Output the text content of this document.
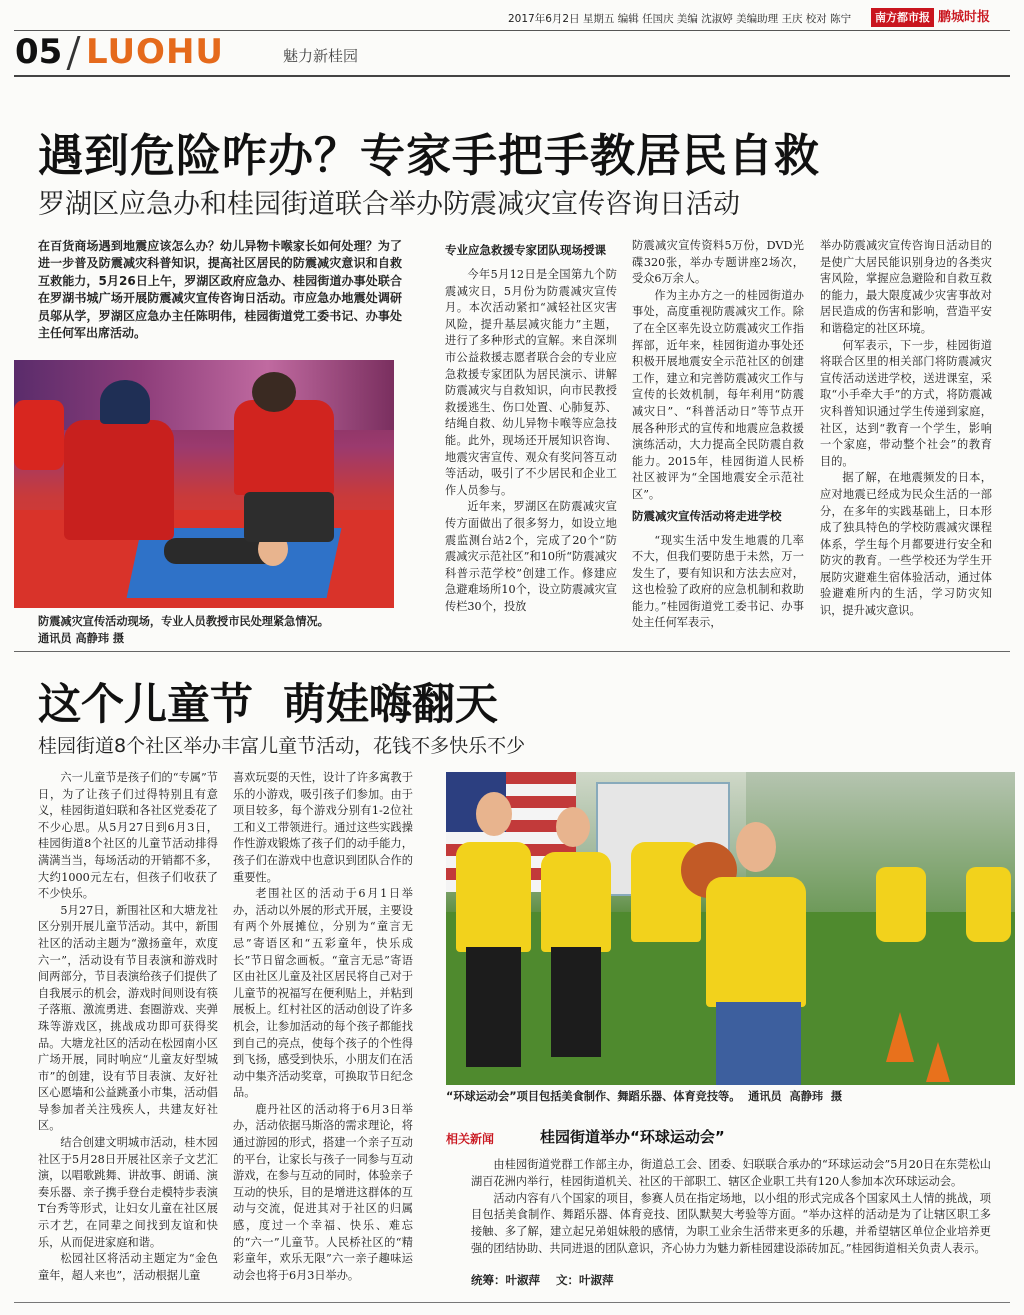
2017年6月2日 星期五 编辑 任国庆 美编 沈淑婷 美编助理 王庆 校对 陈宁	南方都市报 鹏城时报
05 LUOHU	魅力新桂园
遇到危险咋办？专家手把手教居民自救
罗湖区应急办和桂园街道联合举办防震减灾宣传咨询日活动
在百货商场遇到地震应该怎么办？幼儿异物卡喉家长如何处理？为了进一步普及防震减灾科普知识，提高社区居民的防震减灾意识和自救互救能力，5月26日上午，罗湖区政府应急办、桂园街道办事处联合在罗湖书城广场开展防震减灾宣传咨询日活动。市应急办地震处调研员邬从学，罗湖区应急办主任陈明伟，桂园街道党工委书记、办事处主任何军出席活动。
防震减灾宣传活动现场，专业人员教授市民处理紧急情况。
通讯员 高静玮 摄
专业应急救援专家团队现场授课

今年5月12日是全国第九个防震减灾日，5月份为防震减灾宣传月。本次活动紧扣“减轻社区灾害风险，提升基层减灾能力”主题，进行了多种形式的宣解。来自深圳市公益救援志愿者联合会的专业应急救援专家团队为居民演示、讲解防震减灾与自救知识，向市民教授救援逃生、伤口处置、心肺复苏、结绳自救、幼儿异物卡喉等应急技能。此外，现场还开展知识咨询、地震灾害宣传、观众有奖问答互动等活动，吸引了不少居民和企业工作人员参与。

近年来，罗湖区在防震减灾宣传方面做出了很多努力，如设立地震监测台站2个，完成了20个“防震减灾示范社区”和10所“防震减灾科普示范学校”创建工作。修建应急避难场所10个，设立防震减灾宣传栏30个，投放

防震减灾宣传资料5万份，DVD光碟320张，举办专题讲座2场次，受众6万余人。

作为主办方之一的桂园街道办事处，高度重视防震减灾工作。除了在全区率先设立防震减灾工作指挥部，近年来，桂园街道办事处还积极开展地震安全示范社区的创建工作，建立和完善防震减灾工作与宣传的长效机制，每年利用“防震减灾日”、“科普活动日”等节点开展各种形式的宣传和地震应急救援演练活动，大力提高全民防震自救能力。2015年，桂园街道人民桥社区被评为“全国地震安全示范社区”。

防震减灾宣传活动将走进学校

“现实生活中发生地震的几率不大，但我们要防患于未然，万一发生了，要有知识和方法去应对，这也检验了政府的应急机制和救助能力。”桂园街道党工委书记、办事处主任何军表示，

举办防震减灾宣传咨询日活动目的是使广大居民能识别身边的各类灾害风险，掌握应急避险和自救互救的能力，最大限度减少灾害事故对居民造成的伤害和影响，营造平安和谐稳定的社区环境。

何军表示，下一步，桂园街道将联合区里的相关部门将防震减灾宣传活动送进学校，送进课室，采取“小手牵大手”的方式，将防震减灾科普知识通过学生传递到家庭，社区，达到“教育一个学生，影响一个家庭，带动整个社会”的教育目的。

据了解，在地震频发的日本，应对地震已经成为民众生活的一部分，在多年的实践基础上，日本形成了独具特色的学校防震减灾课程体系，学生每个月都要进行安全和防灾的教育。一些学校还为学生开展防灾避难生宿体验活动，通过体验避难所内的生活，学习防灾知识，提升减灾意识。

这个儿童节  萌娃嗨翻天
桂园街道8个社区举办丰富儿童节活动，花钱不多快乐不少

六一儿童节是孩子们的“专属”节日，为了让孩子们过得特别且有意义，桂园街道妇联和各社区党委花了不少心思。从5月27日到6月3日，桂园街道8个社区的儿童节活动排得满满当当，每场活动的开销都不多，大约1000元左右，但孩子们收获了不少快乐。

5月27日，新围社区和大塘龙社区分别开展儿童节活动。其中，新围社区的活动主题为“激扬童年，欢度六一”，活动设有节目表演和游戏时间两部分，节目表演给孩子们提供了自我展示的机会，游戏时间则设有筷子落瓶、激流勇进、套圈游戏、夹弹珠等游戏区，挑战成功即可获得奖品。大塘龙社区的活动在松园南小区广场开展，同时响应“儿童友好型城市”的创建，设有节目表演、友好社区心愿墙和公益跳蚤小市集，活动倡导参加者关注残疾人，共建友好社区。

结合创建文明城市活动，桂木园社区于5月28日开展社区亲子文艺汇演，以唱歌跳舞、讲故事、朗诵、演奏乐器、亲子携手登台走模特步表演T台秀等形式，让妇女儿童在社区展示才艺，在同辈之间找到友谊和快乐，从而促进家庭和谐。

松园社区将活动主题定为“金色童年，超人来也”，活动根据儿童

喜欢玩耍的天性，设计了许多寓教于乐的小游戏，吸引孩子们参加。由于项目较多，每个游戏分别有1-2位社工和义工带领进行。通过这些实践操作性游戏锻炼了孩子们的动手能力，孩子们在游戏中也意识到团队合作的重要性。

老围社区的活动于6月1日举办，活动以外展的形式开展，主要设有两个外展摊位，分别为“童言无忌”寄语区和“五彩童年，快乐成长”节日留念画板。“童言无忌”寄语区由社区儿童及社区居民将自己对于儿童节的祝福写在便利贴上，并粘到展板上。红村社区的活动创设了许多机会，让参加活动的每个孩子都能找到自己的亮点，使每个孩子的个性得到飞扬，感受到快乐，小朋友们在活动中集齐活动奖章，可换取节日纪念品。

鹿丹社区的活动将于6月3日举办，活动依据马斯洛的需求理论，将通过游园的形式，搭建一个亲子互动的平台，让家长与孩子一同参与互动游戏，在参与互动的同时，体验亲子互动的快乐，目的是增进这群体的互动与交流，促进其对于社区的归属感，度过一个幸福、快乐、难忘的“六一”儿童节。人民桥社区的“精彩童年，欢乐无限”六一亲子趣味运动会也将于6月3日举办。

“环球运动会”项目包括美食制作、舞蹈乐器、体育竞技等。  通讯员  高静玮  摄
相关新闻	桂园街道举办“环球运动会”

由桂园街道党群工作部主办，街道总工会、团委、妇联联合承办的“环球运动会”5月20日在东莞松山湖百花洲内举行，桂园街道机关、社区的干部职工、辖区企业职工共有120人参加本次环球运动会。

活动内容有八个国家的项目，参赛人员在指定场地，以小组的形式完成各个国家风土人情的挑战，项目包括美食制作、舞蹈乐器、体育竞技、团队默契大考验等方面。“举办这样的活动是为了让辖区职工多接触、多了解，建立起兄弟姐妹般的感情，为职工业余生活带来更多的乐趣，并希望辖区单位企业培养更强的团结协助、共同进退的团队意识，齐心协力为魅力新桂园建设添砖加瓦。”桂园街道相关负责人表示。

统筹：叶淑萍    文：叶淑萍
